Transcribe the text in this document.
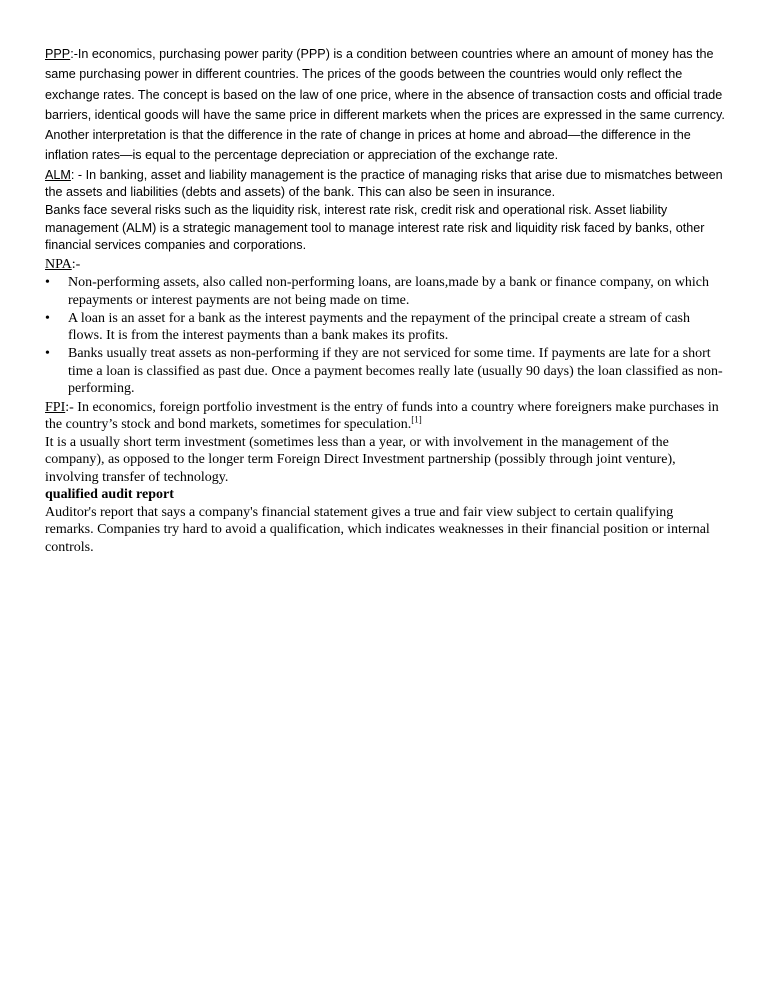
PPP:-In economics, purchasing power parity (PPP) is a condition between countries where an amount of money has the same purchasing power in different countries. The prices of the goods between the countries would only reflect the exchange rates. The concept is based on the law of one price, where in the absence of transaction costs and official trade barriers, identical goods will have the same price in different markets when the prices are expressed in the same currency.

Another interpretation is that the difference in the rate of change in prices at home and abroad—the difference in the inflation rates—is equal to the percentage depreciation or appreciation of the exchange rate.

ALM: - In banking, asset and liability management is the practice of managing risks that arise due to mismatches between the assets and liabilities (debts and assets) of the bank. This can also be seen in insurance.

Banks face several risks such as the liquidity risk, interest rate risk, credit risk and operational risk. Asset liability management (ALM) is a strategic management tool to manage interest rate risk and liquidity risk faced by banks, other financial services companies and corporations.

NPA:-

•	Non-performing assets, also called non-performing loans, are loans,made by a bank or finance company, on which repayments or interest payments are not being made on time.
•	A loan is an asset for a bank as the interest payments and the repayment of the principal create a stream of cash flows. It is from the interest payments than a bank makes its profits.
•	Banks usually treat assets as non-performing if they are not serviced for some time. If payments are late for a short time a loan is classified as past due. Once a payment becomes really late (usually 90 days) the loan classified as non-performing.

FPI:- In economics, foreign portfolio investment is the entry of funds into a country where foreigners make purchases in the country’s stock and bond markets, sometimes for speculation.[1]

It is a usually short term investment (sometimes less than a year, or with involvement in the management of the company), as opposed to the longer term Foreign Direct Investment partnership (possibly through joint venture), involving transfer of technology.

qualified audit report

Auditor's report that says a company's financial statement gives a true and fair view subject to certain qualifying remarks. Companies try hard to avoid a qualification, which indicates weaknesses in their financial position or internal controls.
